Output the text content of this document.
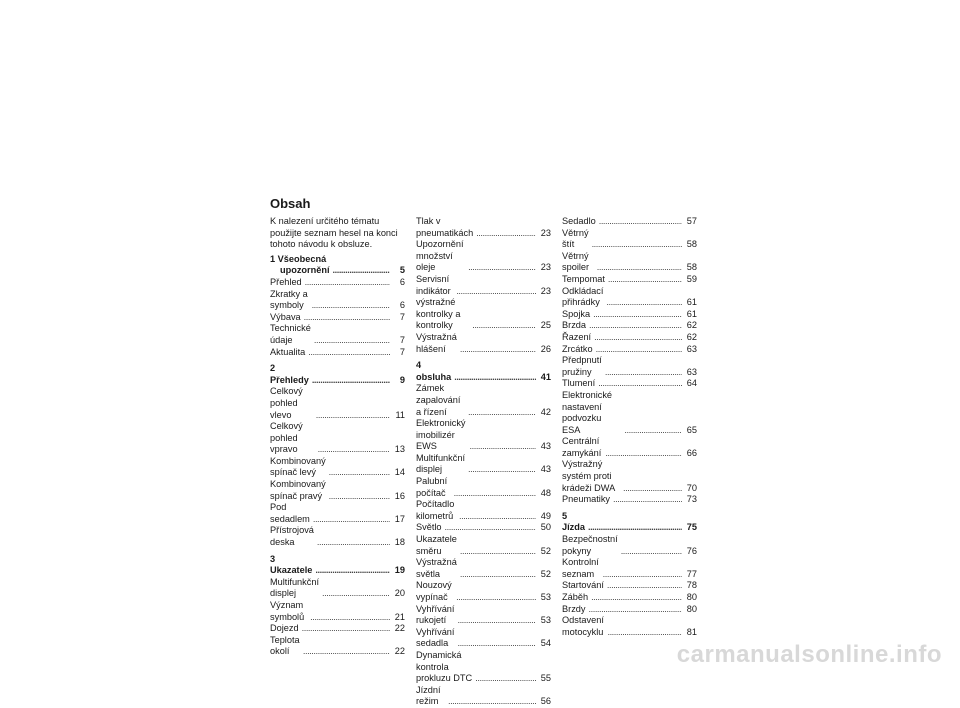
Obsah
K nalezení určitého tématu použijte seznam hesel na konci tohoto návodu k obsluze.
1 Všeobecná upozornění . . .	5
Přehled . . .	6
Zkratky a symboly . . .	6
Výbava . . .	7
Technické údaje . . .	7
Aktualita . . .	7
2 Přehledy . . .	9
Celkový pohled vlevo . . .	11
Celkový pohled vpravo . . .	13
Kombinovaný spínač levý . . .	14
Kombinovaný spínač pravý . . .	16
Pod sedadlem . . .	17
Přístrojová deska . . .	18
3 Ukazatele . . .	19
Multifunkční displej . . .	20
Význam symbolů . . .	21
Dojezd . . .	22
Teplota okolí . . .	22
Tlak v pneumatikách . . .	23
Upozornění množství oleje . . .	23
Servisní indikátor . . .	23
výstražné kontrolky a kontrolky . . .	25
Výstražná hlášení . . .	26
4 obsluha . . .	41
Zámek zapalování a řízení . . .	42
Elektronický imobilizér EWS . . .	43
Multifunkční displej . . .	43
Palubní počítač . . .	48
Počítadlo kilometrů . . .	49
Světlo . . .	50
Ukazatele směru . . .	52
Výstražná světla . . .	52
Nouzový vypínač . . .	53
Vyhřívání rukojetí . . .	53
Vyhřívání sedadla . . .	54
Dynamická kontrola prokluzu DTC . . .	55
Jízdní režim . . .	56
Sedadlo . . .	57
Větrný štít . . .	58
Větrný spoiler . . .	58
Tempomat . . .	59
Odkládací přihrádky . . .	61
Spojka . . .	61
Brzda . . .	62
Řazení . . .	62
Zrcátko . . .	63
Předpnutí pružiny . . .	63
Tlumení . . .	64
Elektronické nastavení podvozku ESA . . .	65
Centrální zamykání . . .	66
Výstražný systém proti krádeži DWA . . .	70
Pneumatiky . . .	73
5 Jízda . . .	75
Bezpečnostní pokyny . . .	76
Kontrolní seznam . . .	77
Startování . . .	78
Záběh . . .	80
Brzdy . . .	80
Odstavení motocyklu . . .	81
carmanualsonline.info
